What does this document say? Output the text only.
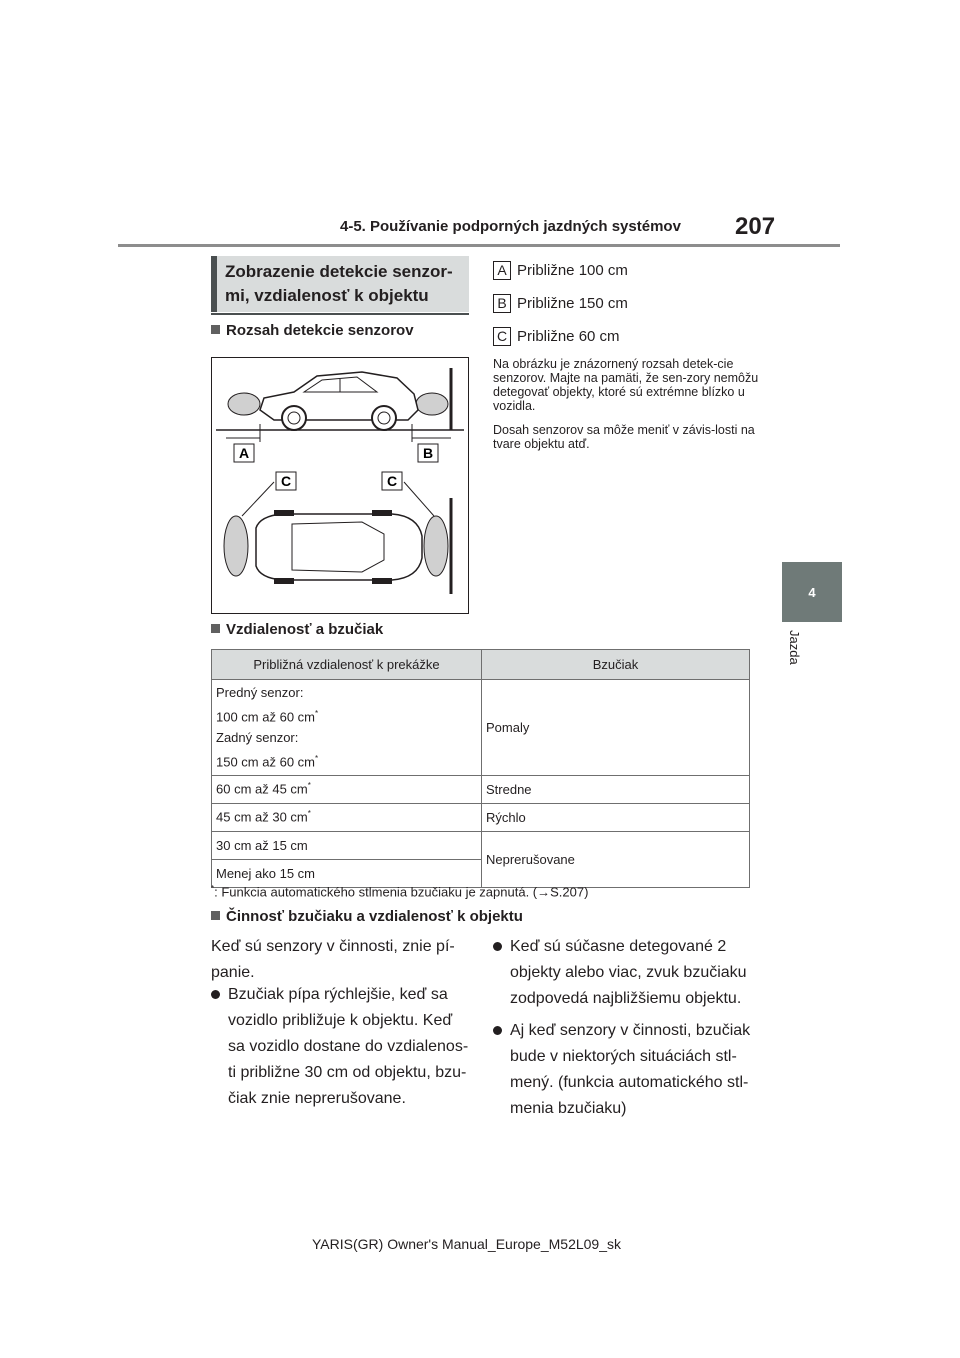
4-5. Používanie podporných jazdných systémov 207
4
Jazda
Zobrazenie detekcie senzor-
mi, vzdialenosť k objektu
Rozsah detekcie senzorov
A Približne 100 cm
B Približne 150 cm
C Približne 60 cm
Na obrázku je znázornený rozsah detek-cie senzorov. Majte na pamäti, že sen-zory nemôžu detegovať objekty, ktoré sú extrémne blízko u vozidla.
Dosah senzorov sa môže meniť v závis-losti na tvare objektu atď.
A	B
C	C
Vzdialenosť a bzučiak
Približná vzdialenosť k prekážke	Bzučiak

Predný senzor:
100 cm až 60 cm*
Zadný senzor:
150 cm až 60 cm*	Pomaly
60 cm až 45 cm*	Stredne
45 cm až 30 cm*	Rýchlo
30 cm až 15 cm	Neprerušovane
Menej ako 15 cm	
*: Funkcia automatického stlmenia bzučiaku je zapnutá. (→S.207)
Činnosť bzučiaku a vzdialenosť k objektu
Keď sú senzory v činnosti, znie pí-panie.
Bzučiak pípa rýchlejšie, keď sa vozidlo približuje k objektu. Keď sa vozidlo dostane do vzdialenos-ti približne 30 cm od objektu, bzu-čiak znie neprerušovane.
Keď sú súčasne detegované 2 objekty alebo viac, zvuk bzučiaku zodpovedá najbližšiemu objektu.
Aj keď senzory v činnosti, bzučiak bude v niektorých situáciách stl-mený. (funkcia automatického stl-menia bzučiaku)
YARIS(GR) Owner's Manual_Europe_M52L09_sk
